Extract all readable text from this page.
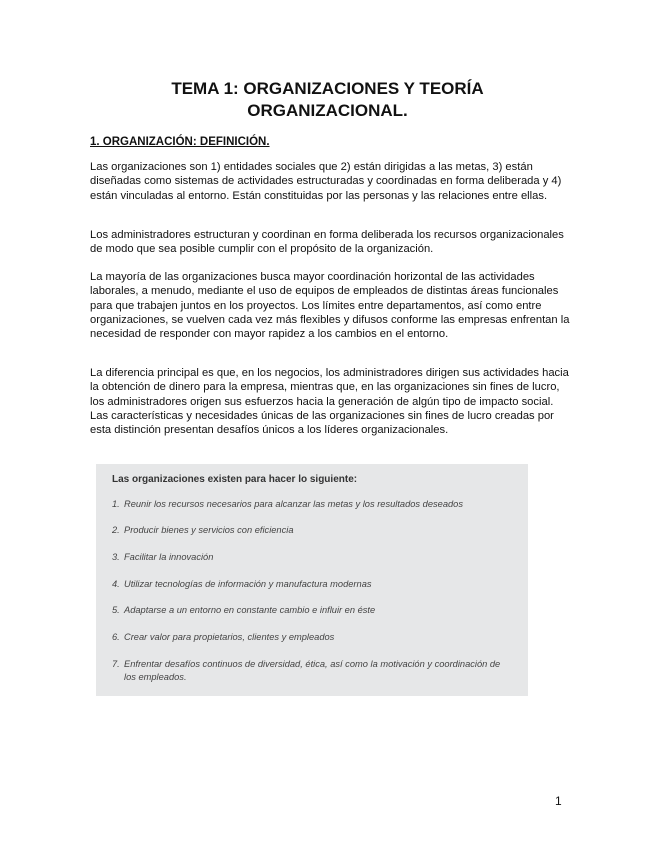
TEMA 1: ORGANIZACIONES Y TEORÍA ORGANIZACIONAL.
1. ORGANIZACIÓN: DEFINICIÓN.
Las organizaciones son 1) entidades sociales que 2) están dirigidas a las metas, 3) están diseñadas como sistemas de actividades estructuradas y coordinadas en forma deliberada y 4) están vinculadas al entorno. Están constituidas por las personas y las relaciones entre ellas.
Los administradores estructuran y coordinan en forma deliberada los recursos organizacionales de modo que sea posible cumplir con el propósito de la organización.
La mayoría de las organizaciones busca mayor coordinación horizontal de las actividades laborales, a menudo, mediante el uso de equipos de empleados de distintas áreas funcionales para que trabajen juntos en los proyectos. Los límites entre departamentos, así como entre organizaciones, se vuelven cada vez más flexibles y difusos conforme las empresas enfrentan la necesidad de responder con mayor rapidez a los cambios en el entorno.
La diferencia principal es que, en los negocios, los administradores dirigen sus actividades hacia la obtención de dinero para la empresa, mientras que, en las organizaciones sin fines de lucro, los administradores origen sus esfuerzos hacia la generación de algún tipo de impacto social. Las características y necesidades únicas de las organizaciones sin fines de lucro creadas por esta distinción presentan desafíos únicos a los líderes organizacionales.
Las organizaciones existen para hacer lo siguiente:
1. Reunir los recursos necesarios para alcanzar las metas y los resultados deseados
2. Producir bienes y servicios con eficiencia
3. Facilitar la innovación
4. Utilizar tecnologías de información y manufactura modernas
5. Adaptarse a un entorno en constante cambio e influir en éste
6. Crear valor para propietarios, clientes y empleados
7. Enfrentar desafíos continuos de diversidad, ética, así como la motivación y coordinación de los empleados.
1
